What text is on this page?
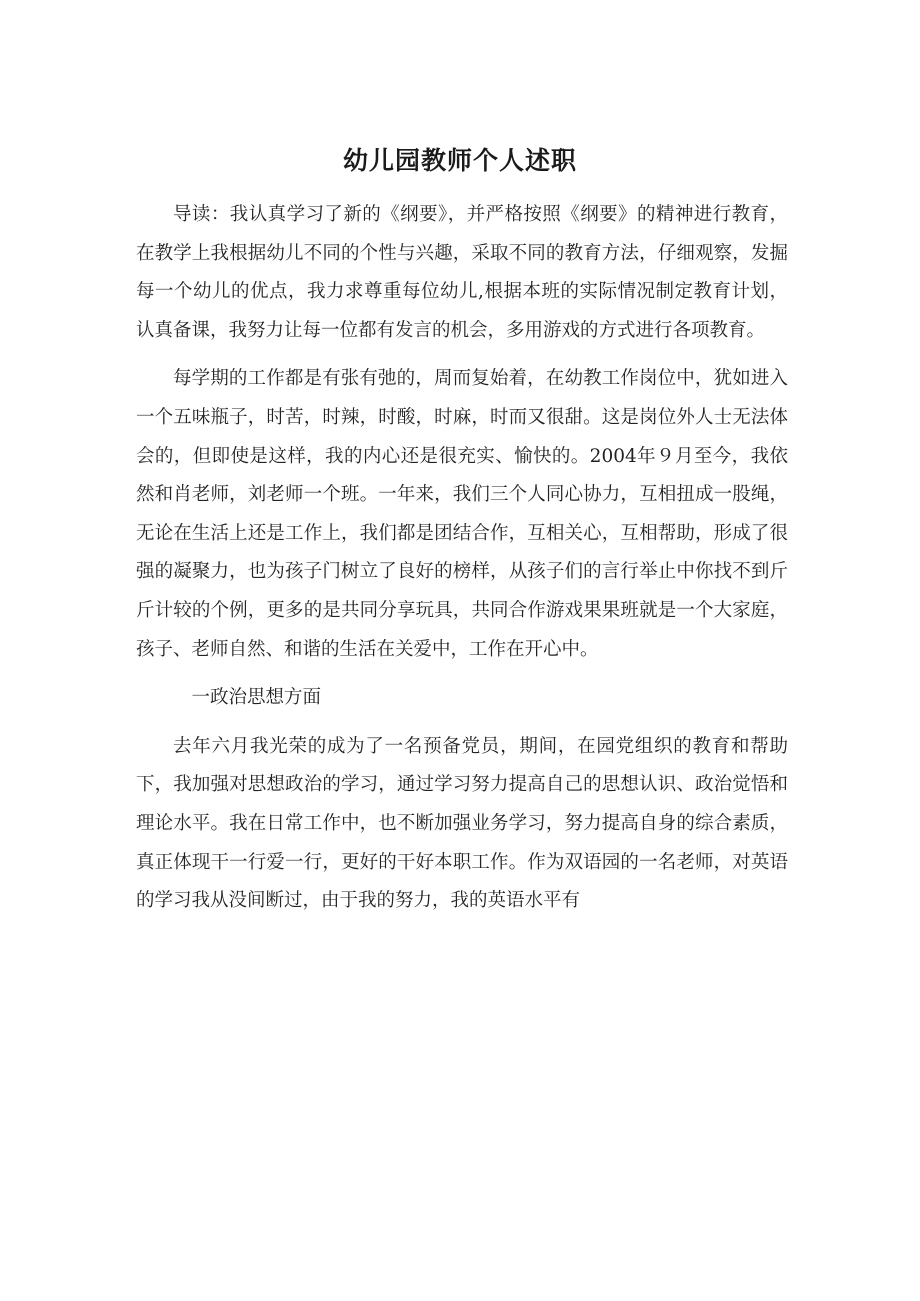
幼儿园教师个人述职

导读：我认真学习了新的《纲要》，并严格按照《纲要》的精神进行教育，在教学上我根据幼儿不同的个性与兴趣，采取不同的教育方法，仔细观察，发掘每一个幼儿的优点，我力求尊重每位幼儿,根据本班的实际情况制定教育计划，认真备课，我努力让每一位都有发言的机会，多用游戏的方式进行各项教育。

每学期的工作都是有张有弛的，周而复始着，在幼教工作岗位中，犹如进入一个五味瓶子，时苦，时辣，时酸，时麻，时而又很甜。这是岗位外人士无法体会的，但即使是这样，我的内心还是很充实、愉快的。2004年９月至今，我依然和肖老师，刘老师一个班。一年来，我们三个人同心协力，互相扭成一股绳，无论在生活上还是工作上，我们都是团结合作，互相关心，互相帮助，形成了很强的凝聚力，也为孩子门树立了良好的榜样，从孩子们的言行举止中你找不到斤斤计较的个例，更多的是共同分享玩具，共同合作游戏果果班就是一个大家庭，孩子、老师自然、和谐的生活在关爱中，工作在开心中。

一政治思想方面

去年六月我光荣的成为了一名预备党员，期间，在园党组织的教育和帮助下，我加强对思想政治的学习，通过学习努力提高自己的思想认识、政治觉悟和理论水平。我在日常工作中，也不断加强业务学习，努力提高自身的综合素质，真正体现干一行爱一行，更好的干好本职工作。作为双语园的一名老师，对英语的学习我从没间断过，由于我的努力，我的英语水平有
